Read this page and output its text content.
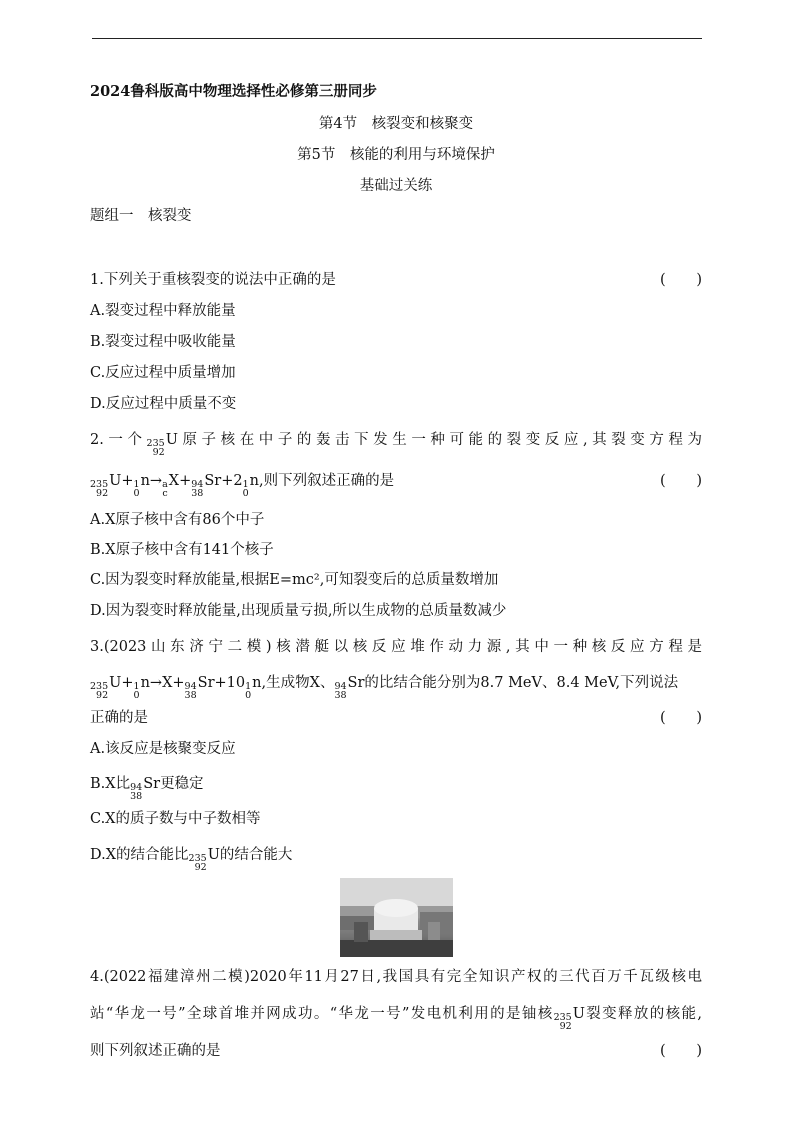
2024鲁科版高中物理选择性必修第三册同步
第4节　核裂变和核聚变
第5节　核能的利用与环境保护
基础过关练
题组一　核裂变
1.下列关于重核裂变的说法中正确的是	( )
A.裂变过程中释放能量
B.裂变过程中吸收能量
C.反应过程中质量增加
D.反应过程中质量不变
2.一个 235
92
U原子核在中子的轰击下发生一种可能的裂变反应,其裂变方程为
235
92
U+ 1
0
n→ a
c
X+ 94
38
Sr+2 1
0
n,则下列叙述正确的是	( )
A.X原子核中含有86个中子
B.X原子核中含有141个核子
C.因为裂变时释放能量,根据E=mc²,可知裂变后的总质量数增加
D.因为裂变时释放能量,出现质量亏损,所以生成物的总质量数减少
3.(2023山东济宁二模)核潜艇以核反应堆作动力源,其中一种核反应方程是
235
92
U+ 1
0
n→X+ 94
38
Sr+10 1
0
n,生成物X、 94
38
Sr的比结合能分别为8.7 MeV、8.4 MeV,下列说法
正确的是	( )
A.该反应是核聚变反应
B.X比 94
38
Sr更稳定
C.X的质子数与中子数相等
D.X的结合能比 235
92
U的结合能大
4.(2022福建漳州二模)2020年11月27日,我国具有完全知识产权的三代百万千瓦级核电
站“华龙一号”全球首堆并网成功。“华龙一号”发电机利用的是铀核 235
92
U裂变释放的核能,
则下列叙述正确的是	( )
